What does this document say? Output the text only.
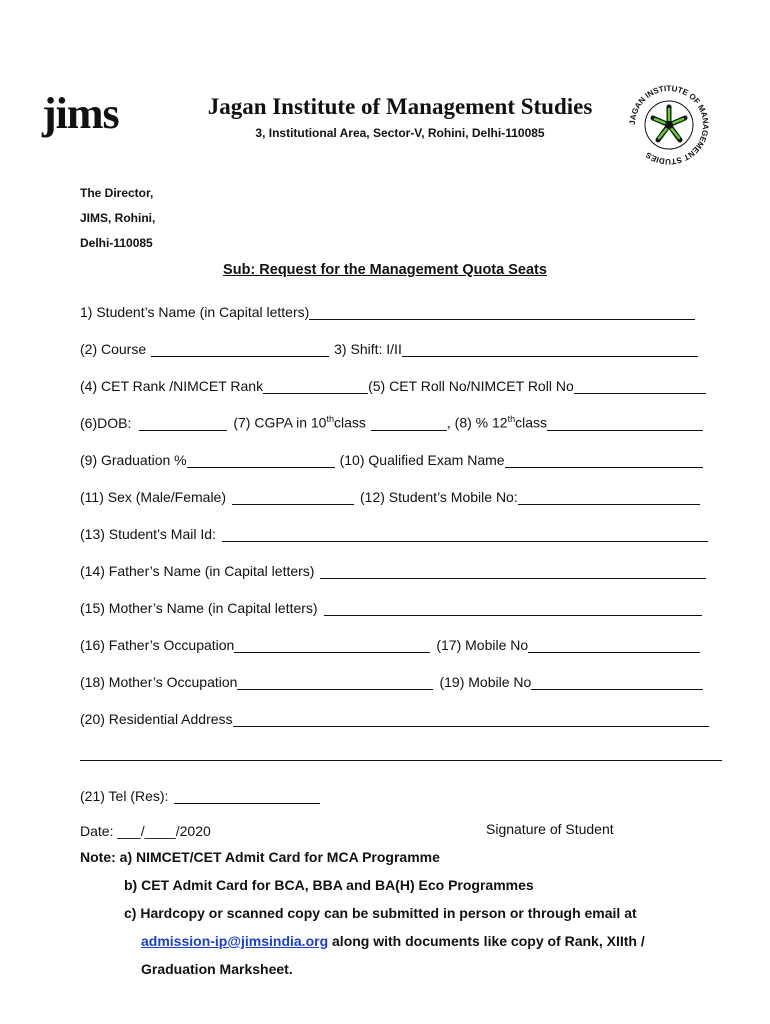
jims	Jagan Institute of Management Studies
3, Institutional Area, Sector-V, Rohini, Delhi-110085
JAGAN INSTITUTE OF MANAGEMENT STUDIES
The Director,
JIMS, Rohini,
Delhi-110085
Sub: Request for the Management Quota Seats
1) Student’s Name (in Capital letters)
(2) Course	3) Shift: I/II
(4) CET Rank /NIMCET Rank	(5) CET Roll No/NIMCET Roll No
(6)DOB:	(7) CGPA in 10thclass	, (8) % 12thclass
(9) Graduation %	(10) Qualified Exam Name
(11) Sex (Male/Female)	(12) Student’s Mobile No:
(13) Student’s Mail Id:
(14) Father’s Name (in Capital letters)
(15) Mother’s Name (in Capital letters)
(16) Father’s Occupation	(17) Mobile No
(18) Mother’s Occupation	(19) Mobile No
(20) Residential Address
(21) Tel (Res):
Date: ___/____/2020	Signature of Student
Note: a) NIMCET/CET Admit Card for MCA Programme
b) CET Admit Card for BCA, BBA and BA(H) Eco Programmes
c) Hardcopy or scanned copy can be submitted in person or through email at
admission-ip@jimsindia.org along with documents like copy of Rank, XIIth /
Graduation Marksheet.
